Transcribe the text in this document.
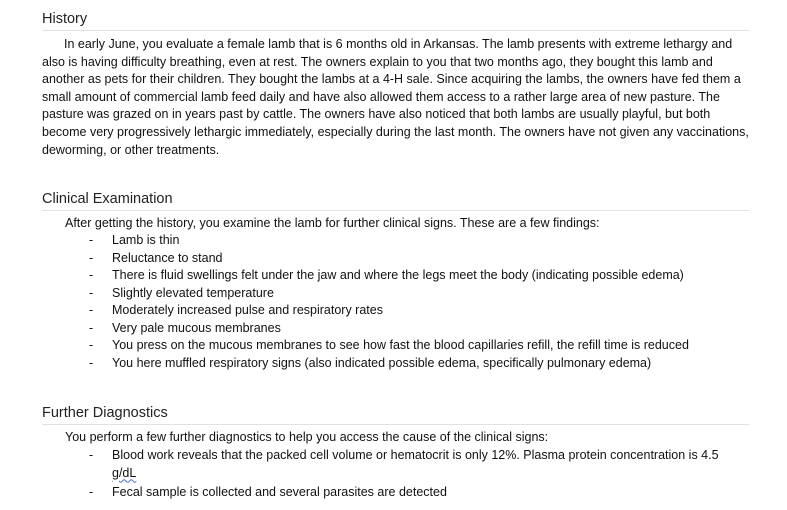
History

In early June, you evaluate a female lamb that is 6 months old in Arkansas. The lamb presents with extreme lethargy and also is having difficulty breathing, even at rest. The owners explain to you that two months ago, they bought this lamb and another as pets for their children. They bought the lambs at a 4-H sale. Since acquiring the lambs, the owners have fed them a small amount of commercial lamb feed daily and have also allowed them access to a rather large area of new pasture. The pasture was grazed on in years past by cattle. The owners have also noticed that both lambs are usually playful, but both become very progressively lethargic immediately, especially during the last month. The owners have not given any vaccinations, deworming, or other treatments.

Clinical Examination
After getting the history, you examine the lamb for further clinical signs. These are a few findings:
- Lamb is thin
- Reluctance to stand
- There is fluid swellings felt under the jaw and where the legs meet the body (indicating possible edema)
- Slightly elevated temperature
- Moderately increased pulse and respiratory rates
- Very pale mucous membranes
- You press on the mucous membranes to see how fast the blood capillaries refill, the refill time is reduced
- You here muffled respiratory signs (also indicated possible edema, specifically pulmonary edema)
Further Diagnostics
You perform a few further diagnostics to help you access the cause of the clinical signs:
- Blood work reveals that the packed cell volume or hematocrit is only 12%. Plasma protein concentration is 4.5 g/dL
- Fecal sample is collected and several parasites are detected
